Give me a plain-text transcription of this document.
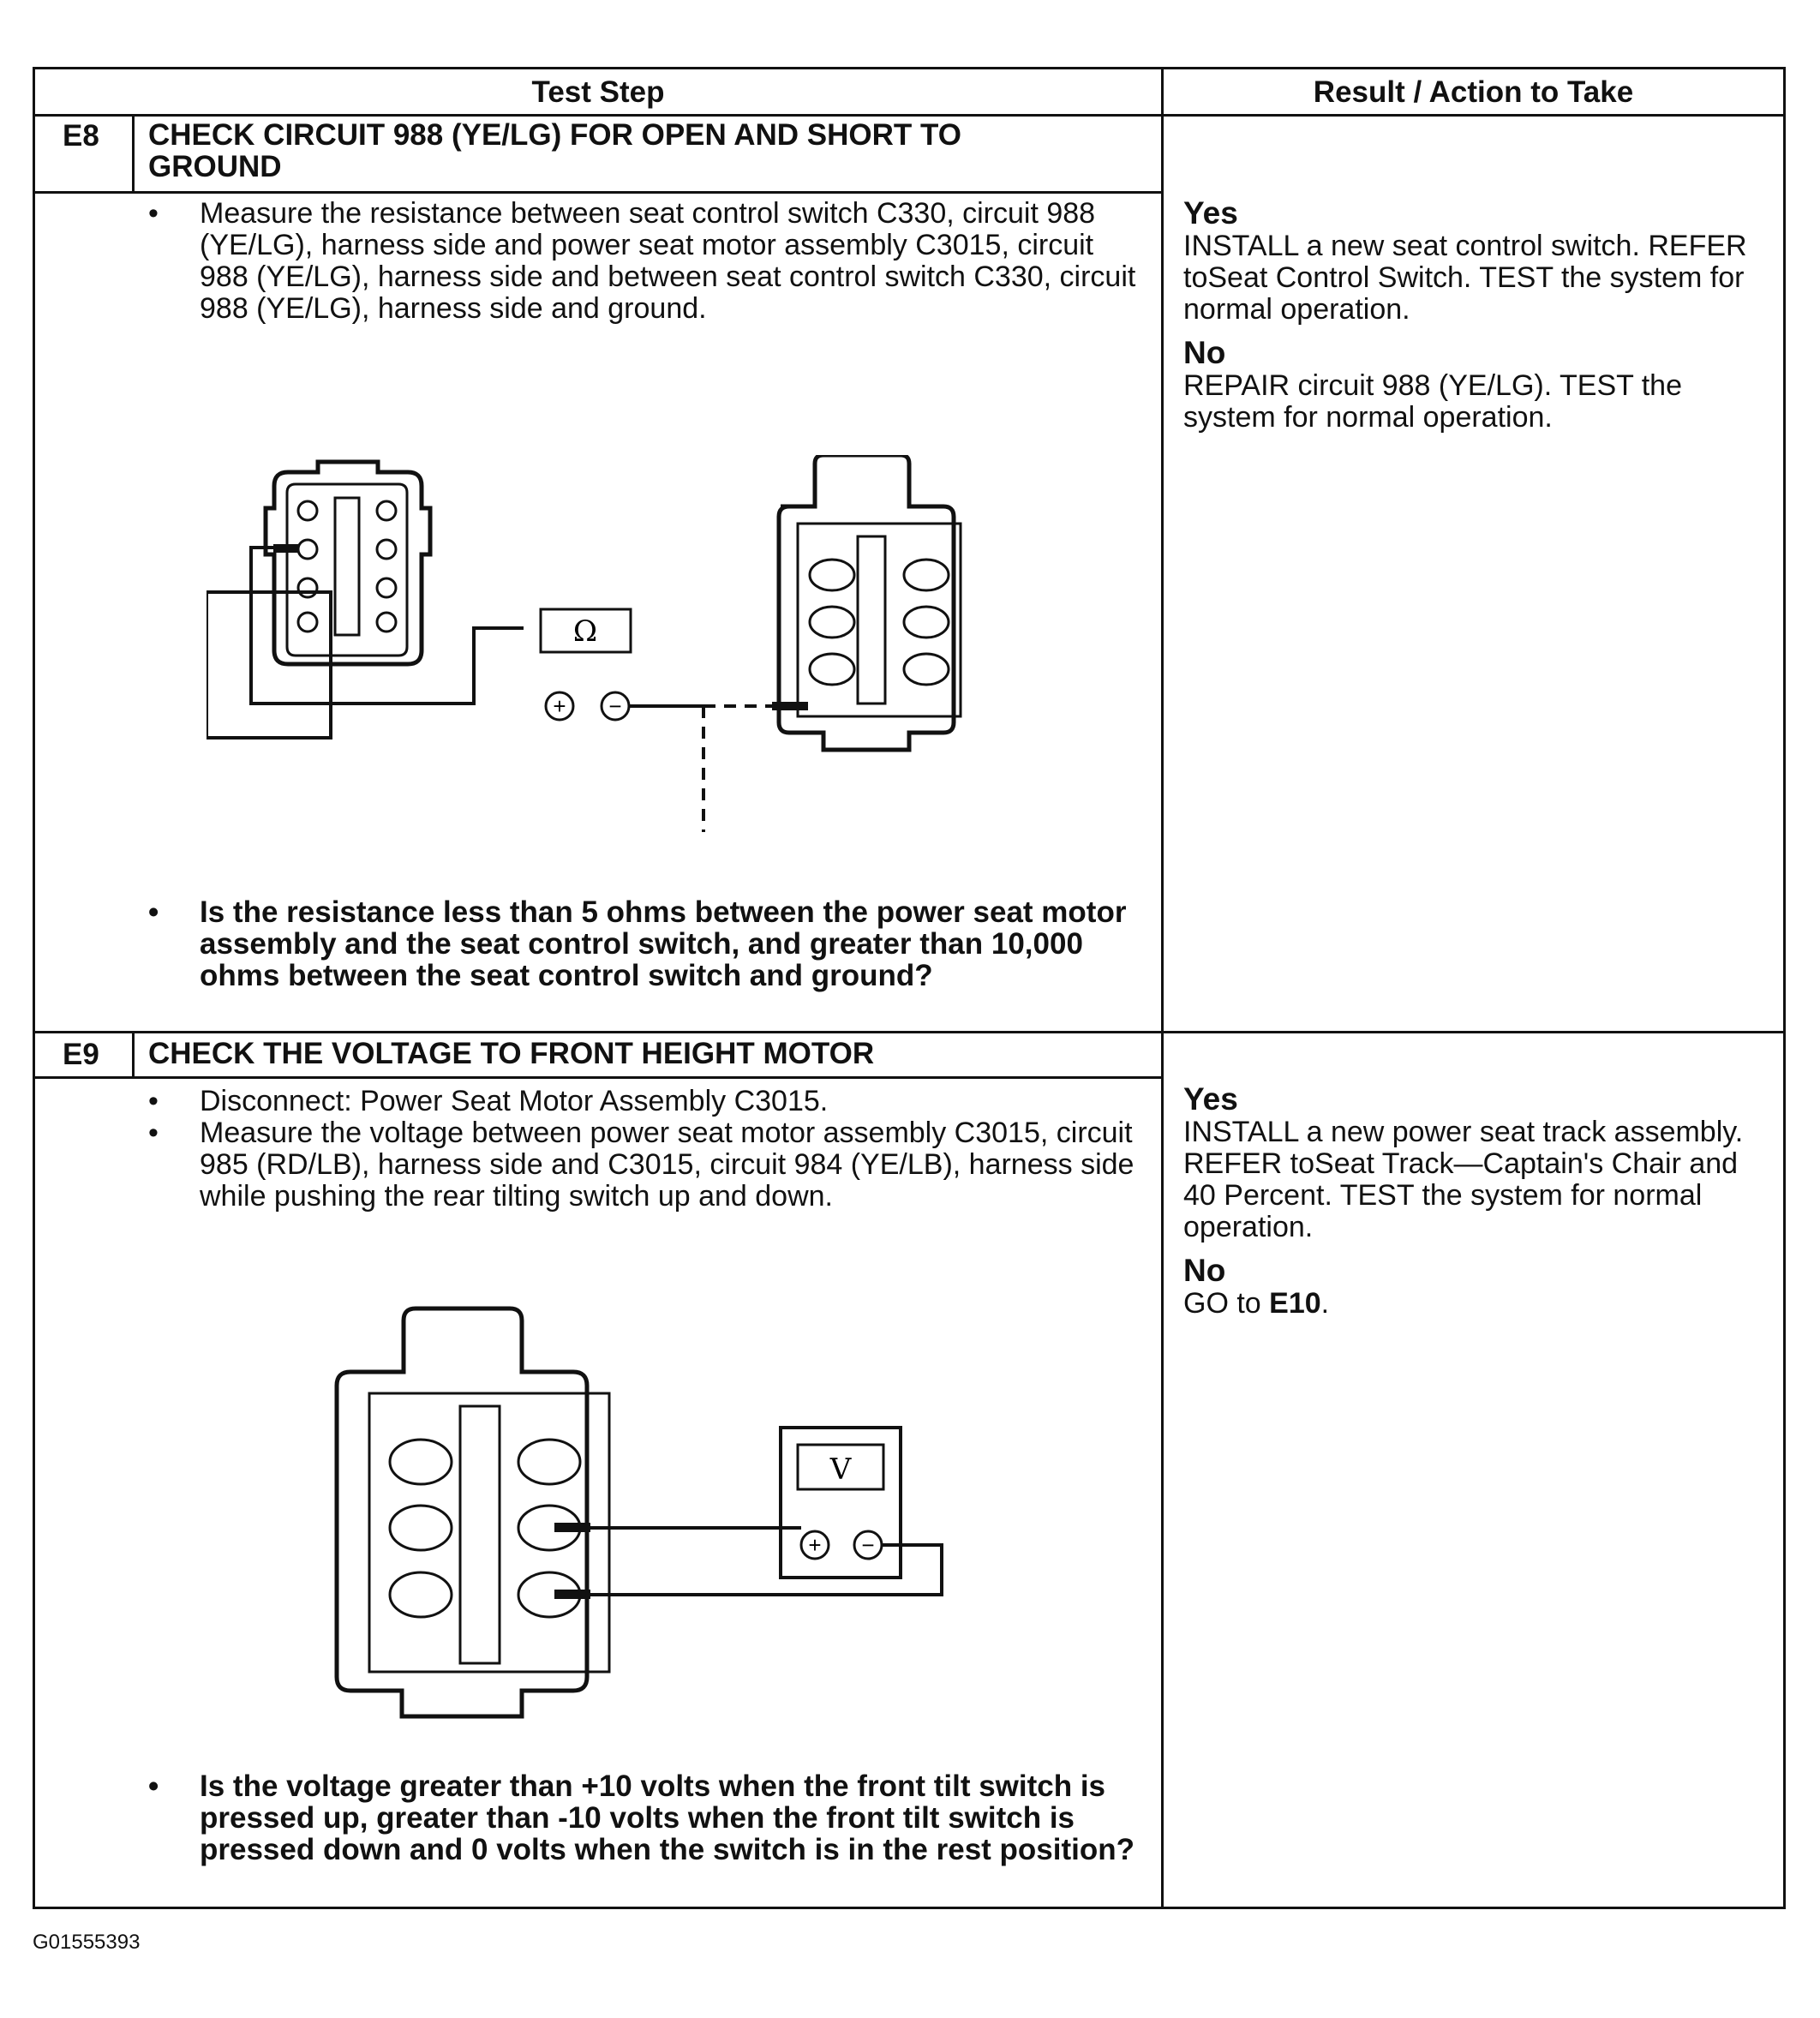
Test Step	Result / Action to Take
E8 CHECK CIRCUIT 988 (YE/LG) FOR OPEN AND SHORT TO GROUND
• Measure the resistance between seat control switch C330, circuit 988 (YE/LG), harness side and power seat motor assembly C3015, circuit 988 (YE/LG), harness side and between seat control switch C330, circuit 988 (YE/LG), harness side and ground.
Ω
+ −
• Is the resistance less than 5 ohms between the power seat motor assembly and the seat control switch, and greater than 10,000 ohms between the seat control switch and ground?

Yes

INSTALL a new seat control switch. REFER toSeat Control Switch. TEST the system for normal operation.

No

REPAIR circuit 988 (YE/LG). TEST the system for normal operation.

E9 CHECK THE VOLTAGE TO FRONT HEIGHT MOTOR
• Disconnect: Power Seat Motor Assembly C3015.
• Measure the voltage between power seat motor assembly C3015, circuit 985 (RD/LB), harness side and C3015, circuit 984 (YE/LB), harness side while pushing the rear tilting switch up and down.
V
+ −
• Is the voltage greater than +10 volts when the front tilt switch is pressed up, greater than -10 volts when the front tilt switch is pressed down and 0 volts when the switch is in the rest position?

Yes

INSTALL a new power seat track assembly. REFER toSeat Track—Captain's Chair and 40 Percent. TEST the system for normal operation.

No

GO to E10.

G01555393
